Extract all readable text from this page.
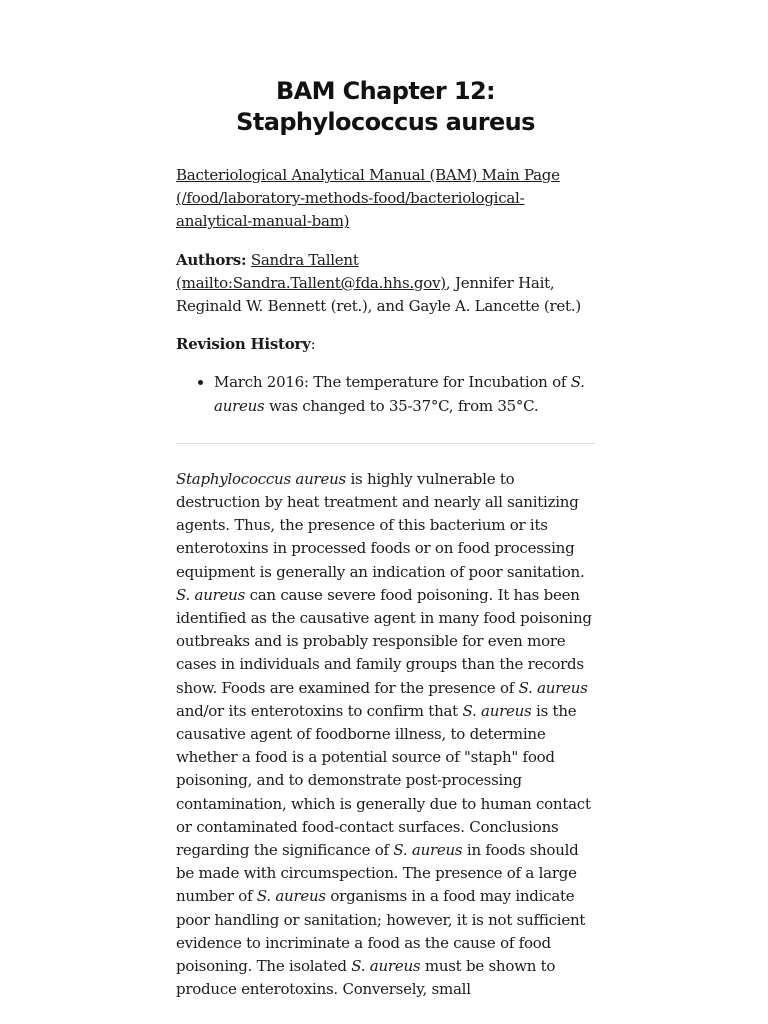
BAM Chapter 12: Staphylococcus aureus

Bacteriological Analytical Manual (BAM) Main Page (/food/laboratory-methods-food/bacteriological-analytical-manual-bam)

Authors: Sandra Tallent (mailto:Sandra.Tallent@fda.hhs.gov), Jennifer Hait, Reginald W. Bennett (ret.), and Gayle A. Lancette (ret.)

Revision History:

• March 2016: The temperature for Incubation of S. aureus was changed to 35-37°C, from 35°C.

Staphylococcus aureus is highly vulnerable to destruction by heat treatment and nearly all sanitizing agents. Thus, the presence of this bacterium or its enterotoxins in processed foods or on food processing equipment is generally an indication of poor sanitation. S. aureus can cause severe food poisoning. It has been identified as the causative agent in many food poisoning outbreaks and is probably responsible for even more cases in individuals and family groups than the records show. Foods are examined for the presence of S. aureus and/or its enterotoxins to confirm that S. aureus is the causative agent of foodborne illness, to determine whether a food is a potential source of "staph" food poisoning, and to demonstrate post-processing contamination, which is generally due to human contact or contaminated food-contact surfaces. Conclusions regarding the significance of S. aureus in foods should be made with circumspection. The presence of a large number of S. aureus organisms in a food may indicate poor handling or sanitation; however, it is not sufficient evidence to incriminate a food as the cause of food poisoning. The isolated S. aureus must be shown to produce enterotoxins. Conversely, small
